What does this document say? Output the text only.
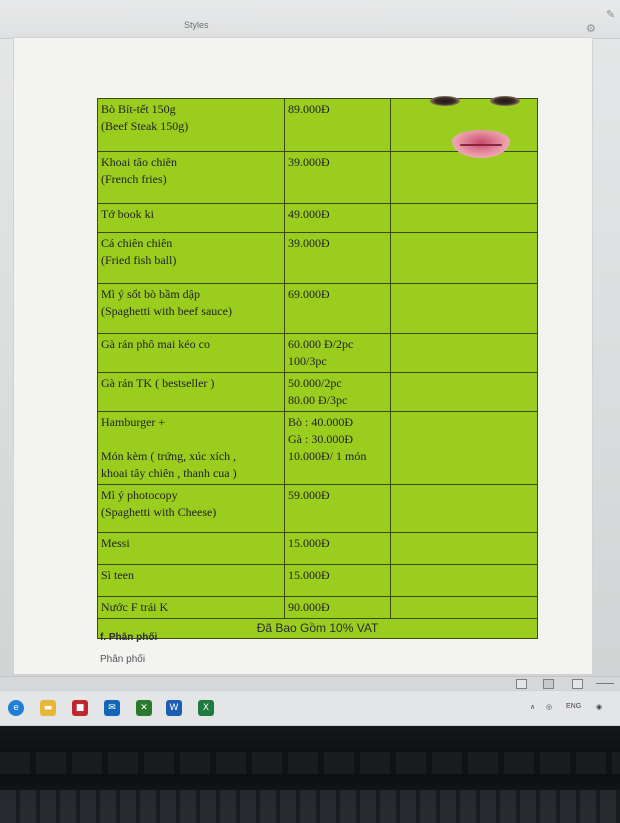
Styles	⚙
✎
Bò Bít-tết 150g
(Beef Steak 150g)	89.000Đ	
Khoai tâo chiên
(French fries)	39.000Đ	
Tớ book ki	49.000Đ	
Cá chiên chiên
(Fried fish ball)	39.000Đ	
Mì ý sốt bò bầm dập
(Spaghetti with beef sauce)	69.000Đ	
Gà rán phô mai kéo co	60.000 Đ/2pc
100/3pc	
Gà rán TK ( bestseller )	50.000/2pc
80.00 Đ/3pc	
Hamburger +

Món kèm ( trứng, xúc xích ,
khoai tây chiên , thanh cua )	Bò : 40.000Đ
Gà : 30.000Đ
10.000Đ/ 1 món	
Mì ý photocopy
(Spaghetti with Cheese)	59.000Đ	
Messi	15.000Đ	
Sì teen	15.000Đ	
Nước F trái K	90.000Đ	
Đã Bao Gồm 10% VAT		
f. Phân phối
Phân phối
e	▬	■	✉	✕	W	X	∧ ◎ ENG ◉
